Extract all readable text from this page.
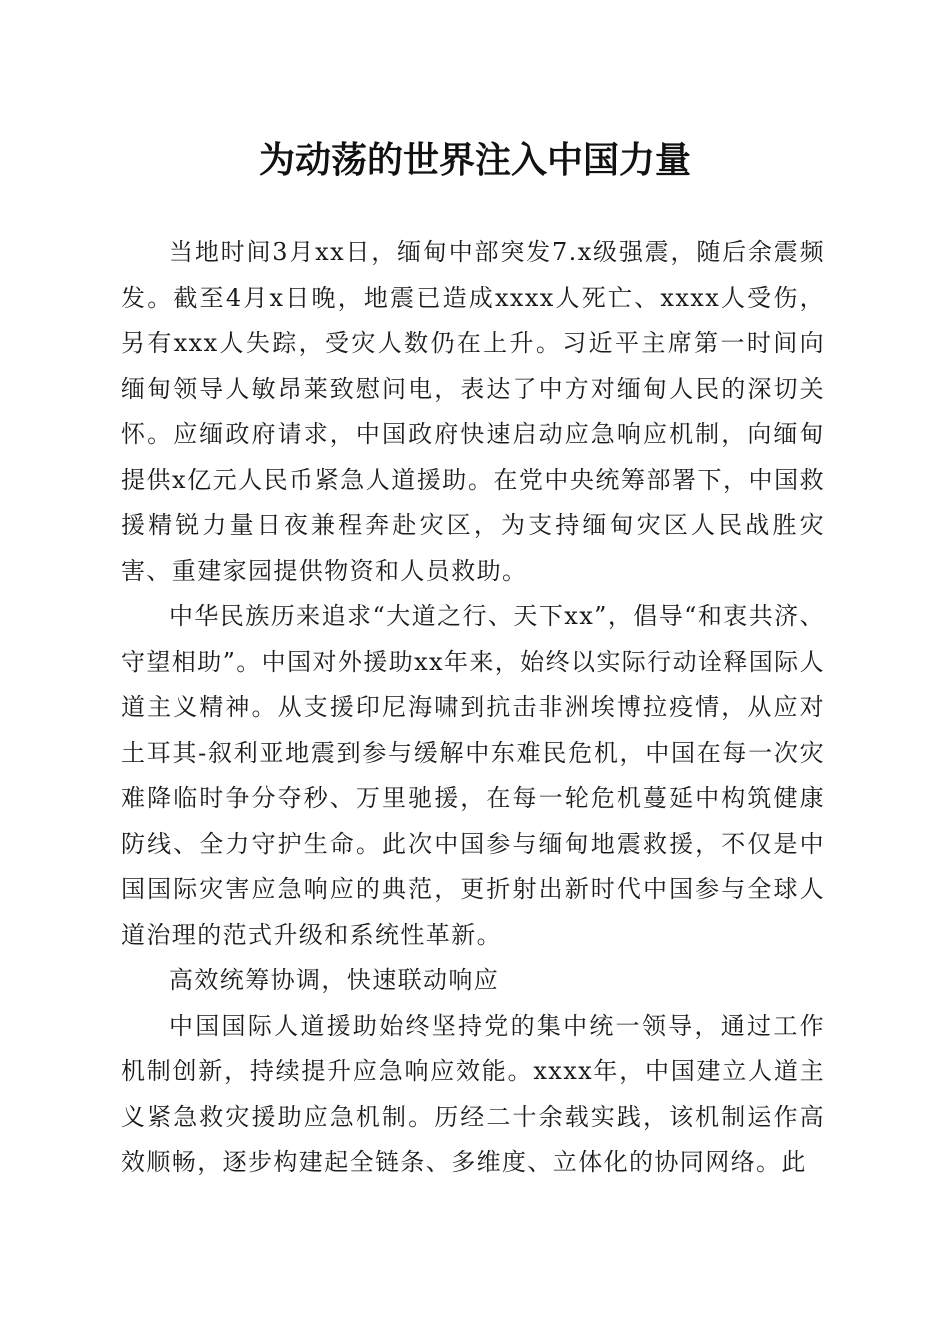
为动荡的世界注入中国力量

当地时间3月xx日，缅甸中部突发7.x级强震，随后余震频发。截至4月x日晚，地震已造成xxxx人死亡、xxxx人受伤，另有xxx人失踪，受灾人数仍在上升。习近平主席第一时间向缅甸领导人敏昂莱致慰问电，表达了中方对缅甸人民的深切关怀。应缅政府请求，中国政府快速启动应急响应机制，向缅甸提供x亿元人民币紧急人道援助。在党中央统筹部署下，中国救援精锐力量日夜兼程奔赴灾区，为支持缅甸灾区人民战胜灾害、重建家园提供物资和人员救助。

中华民族历来追求“大道之行、天下xx”，倡导“和衷共济、守望相助”。中国对外援助xx年来，始终以实际行动诠释国际人道主义精神。从支援印尼海啸到抗击非洲埃博拉疫情，从应对土耳其-叙利亚地震到参与缓解中东难民危机，中国在每一次灾难降临时争分夺秒、万里驰援，在每一轮危机蔓延中构筑健康防线、全力守护生命。此次中国参与缅甸地震救援，不仅是中国国际灾害应急响应的典范，更折射出新时代中国参与全球人道治理的范式升级和系统性革新。

高效统筹协调，快速联动响应

中国国际人道援助始终坚持党的集中统一领导，通过工作机制创新，持续提升应急响应效能。xxxx年，中国建立人道主义紧急救灾援助应急机制。历经二十余载实践，该机制运作高效顺畅，逐步构建起全链条、多维度、立体化的协同网络。此
